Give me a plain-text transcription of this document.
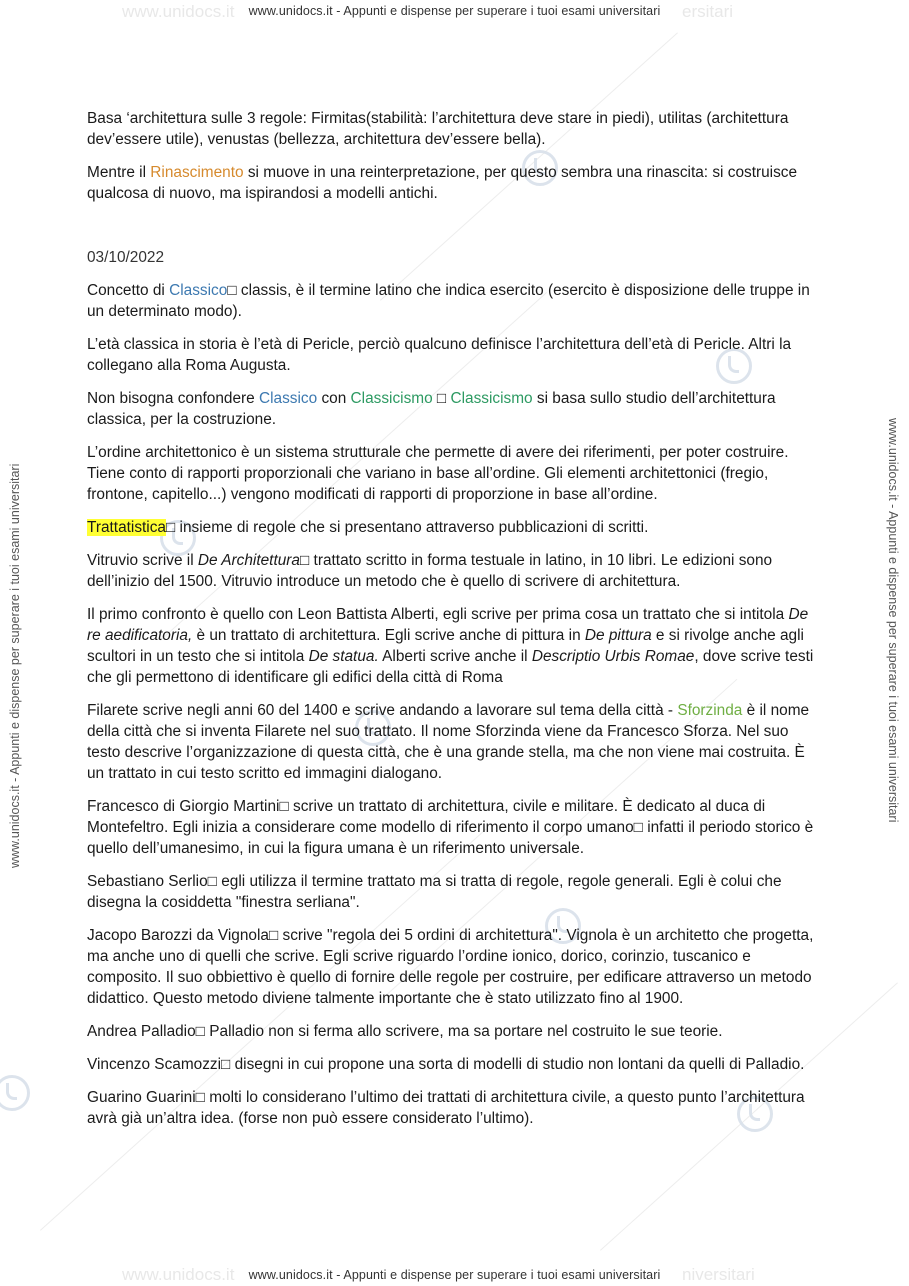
www.unidocs.it	ersitari
www.unidocs.it	niversitari
www.unidocs.it - Appunti e dispense per superare i tuoi esami universitari
www.unidocs.it - Appunti e dispense per superare i tuoi esami universitari
www.unidocs.it - Appunti e dispense per superare i tuoi esami universitari	www.unidocs.it - Appunti e dispense per superare i tuoi esami universitari

Basa ‘architettura sulle 3 regole: Firmitas(stabilità: l’architettura deve stare in piedi), utilitas (architettura dev’essere utile), venustas (bellezza, architettura dev’essere bella).

Mentre il Rinascimento si muove in una reinterpretazione, per questo sembra una rinascita: si costruisce qualcosa di nuovo, ma ispirandosi a modelli antichi.

03/10/2022

Concetto di Classico□ classis, è il termine latino che indica esercito (esercito è disposizione delle truppe in un determinato modo).

L’età classica in storia è l’età di Pericle, perciò qualcuno definisce l’architettura dell’età di Pericle. Altri la collegano alla Roma Augusta.

Non bisogna confondere Classico con Classicismo □ Classicismo si basa sullo studio dell’architettura classica, per la costruzione.

L’ordine architettonico è un sistema strutturale che permette di avere dei riferimenti, per poter costruire. Tiene conto di rapporti proporzionali che variano in base all’ordine. Gli elementi architettonici (fregio, frontone, capitello...) vengono modificati di rapporti di proporzione in base all’ordine.

Trattatistica□ insieme di regole che si presentano attraverso pubblicazioni di scritti.

Vitruvio scrive il De Architettura□ trattato scritto in forma testuale in latino, in 10 libri. Le edizioni sono dell’inizio del 1500. Vitruvio introduce un metodo che è quello di scrivere di architettura.

Il primo confronto è quello con Leon Battista Alberti, egli scrive per prima cosa un trattato che si intitola De re aedificatoria, è un trattato di architettura. Egli scrive anche di pittura in De pittura e si rivolge anche agli scultori in un testo che si intitola De statua. Alberti scrive anche il Descriptio Urbis Romae, dove scrive testi che gli permettono di identificare gli edifici della città di Roma

Filarete scrive negli anni 60 del 1400 e scrive andando a lavorare sul tema della città - Sforzinda è il nome della città che si inventa Filarete nel suo trattato. Il nome Sforzinda viene da Francesco Sforza. Nel suo testo descrive l’organizzazione di questa città, che è una grande stella, ma che non viene mai costruita. È un trattato in cui testo scritto ed immagini dialogano.

Francesco di Giorgio Martini□ scrive un trattato di architettura, civile e militare. È dedicato al duca di Montefeltro. Egli inizia a considerare come modello di riferimento il corpo umano□ infatti il periodo storico è quello dell’umanesimo, in cui la figura umana è un riferimento universale.

Sebastiano Serlio□ egli utilizza il termine trattato ma si tratta di regole, regole generali. Egli è colui che disegna la cosiddetta "finestra serliana".

Jacopo Barozzi da Vignola□ scrive "regola dei 5 ordini di architettura". Vignola è un architetto che progetta, ma anche uno di quelli che scrive. Egli scrive riguardo l’ordine ionico, dorico, corinzio, tuscanico e composito. Il suo obbiettivo è quello di fornire delle regole per costruire, per edificare attraverso un metodo didattico. Questo metodo diviene talmente importante che è stato utilizzato fino al 1900.

Andrea Palladio□ Palladio non si ferma allo scrivere, ma sa portare nel costruito le sue teorie.

Vincenzo Scamozzi□ disegni in cui propone una sorta di modelli di studio non lontani da quelli di Palladio.

Guarino Guarini□ molti lo considerano l’ultimo dei trattati di architettura civile, a questo punto l’architettura avrà già un’altra idea. (forse non può essere considerato l’ultimo).
